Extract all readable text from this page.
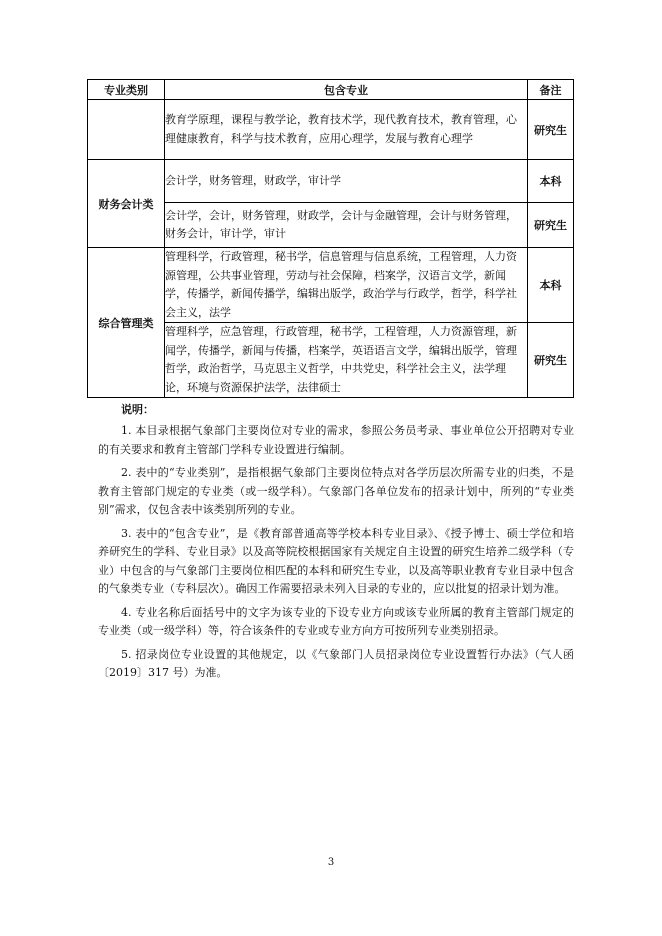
专业类别	包含专业	备注
	教育学原理，课程与教学论，教育技术学，现代教育技术，教育管理，心理健康教育，科学与技术教育，应用心理学，发展与教育心理学	研究生
财务会计类	会计学，财务管理，财政学，审计学	本科
	会计学，会计，财务管理，财政学，会计与金融管理，会计与财务管理，财务会计，审计学，审计	研究生
综合管理类	管理科学，行政管理，秘书学，信息管理与信息系统，工程管理，人力资源管理，公共事业管理，劳动与社会保障，档案学，汉语言文学，新闻学，传播学，新闻传播学，编辑出版学，政治学与行政学，哲学，科学社会主义，法学	本科
	管理科学，应急管理，行政管理，秘书学，工程管理，人力资源管理，新闻学，传播学，新闻与传播，档案学，英语语言文学，编辑出版学，管理哲学，政治哲学，马克思主义哲学，中共党史，科学社会主义，法学理论，环境与资源保护法学，法律硕士	研究生
说明：

1. 本目录根据气象部门主要岗位对专业的需求，参照公务员考录、事业单位公开招聘对专业的有关要求和教育主管部门学科专业设置进行编制。

2. 表中的“专业类别”，是指根据气象部门主要岗位特点对各学历层次所需专业的归类，不是教育主管部门规定的专业类（或一级学科）。气象部门各单位发布的招录计划中，所列的“专业类别”需求，仅包含表中该类别所列的专业。

3. 表中的“包含专业”，是《教育部普通高等学校本科专业目录》、《授予博士、硕士学位和培养研究生的学科、专业目录》以及高等院校根据国家有关规定自主设置的研究生培养二级学科（专业）中包含的与气象部门主要岗位相匹配的本科和研究生专业，以及高等职业教育专业目录中包含的气象类专业（专科层次）。确因工作需要招录未列入目录的专业的，应以批复的招录计划为准。

4. 专业名称后面括号中的文字为该专业的下设专业方向或该专业所属的教育主管部门规定的专业类（或一级学科）等，符合该条件的专业或专业方向方可按所列专业类别招录。

5. 招录岗位专业设置的其他规定，以《气象部门人员招录岗位专业设置暂行办法》（气人函〔2019〕317 号）为准。

3
